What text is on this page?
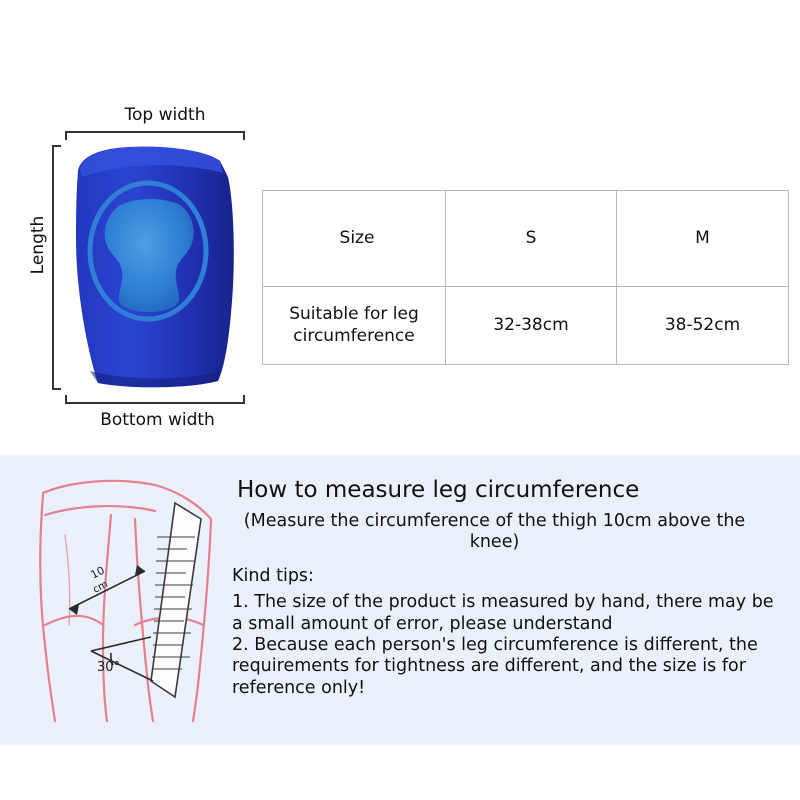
Top width
Length
Bottom width
Size	S	M
Suitable for leg circumference	32-38cm	38-52cm
10
cm
30°
How to measure leg circumference
(Measure the circumference of the thigh 10cm above the knee)
Kind tips:

1. The size of the product is measured by hand, there may be a small amount of error, please understand

2. Because each person's leg circumference is different, the requirements for tightness are different, and the size is for reference only!
